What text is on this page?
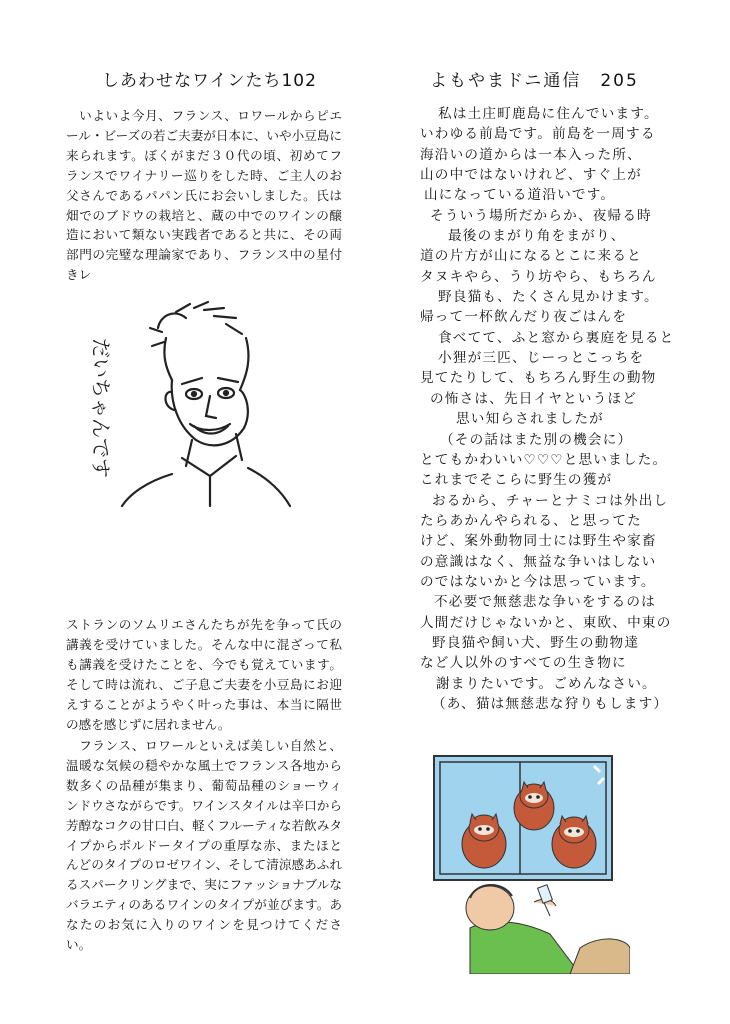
しあわせなワインたち102
　いよいよ今月、フランス、ロワールからピエール・ビーズの若ご夫妻が日本に、いや小豆島に来られます。ぼくがまだ３０代の頃、初めてフランスでワイナリー巡りをした時、ご主人のお父さんであるパパン氏にお会いしました。氏は畑でのブドウの栽培と、蔵の中でのワインの醸造において類ない実践者であると共に、その両部門の完璧な理論家であり、フランス中の星付きレ
だいちゃんです
ストランのソムリエさんたちが先を争って氏の講義を受けていました。そんな中に混ざって私も講義を受けたことを、今でも覚えています。そして時は流れ、ご子息ご夫妻を小豆島にお迎えすることがようやく叶った事は、本当に隔世の感を感じずに居れません。
　フランス、ロワールといえば美しい自然と、温暖な気候の穏やかな風土でフランス各地から数多くの品種が集まり、葡萄品種のショーウィンドウさながらです。ワインスタイルは辛口から芳醇なコクの甘口白、軽くフルーティな若飲みタイプからボルドータイプの重厚な赤、またほとんどのタイプのロゼワイン、そして清涼感あふれるスパークリングまで、実にファッショナブルなバラエティのあるワインのタイプが並びます。あなたのお気に入りのワインを見つけてください。
よもやまドニ通信　205
私は土庄町鹿島に住んでいます。
いわゆる前島です。前島を一周する
海沿いの道からは一本入った所、
山の中ではないけれど、すぐ上が
山になっている道沿いです。
そういう場所だからか、夜帰る時
最後のまがり角をまがり、
道の片方が山になるとこに来ると
タヌキやら、うり坊やら、もちろん
野良猫も、たくさん見かけます。
帰って一杯飲んだり夜ごはんを
食べてて、ふと窓から裏庭を見ると
小狸が三匹、じーっとこっちを
見てたりして、もちろん野生の動物
の怖さは、先日イヤというほど
思い知らされましたが
（その話はまた別の機会に）
とてもかわいい♡♡♡と思いました。
これまでそこらに野生の獲が
おるから、チャーとナミコは外出し
たらあかんやられる、と思ってた
けど、案外動物同士には野生や家畜
の意識はなく、無益な争いはしない
のではないかと今は思っています。
不必要で無慈悲な争いをするのは
人間だけじゃないかと、東欧、中東の
野良猫や飼い犬、野生の動物達
など人以外のすべての生き物に
謝まりたいです。ごめんなさい。
（あ、猫は無慈悲な狩りもします）
